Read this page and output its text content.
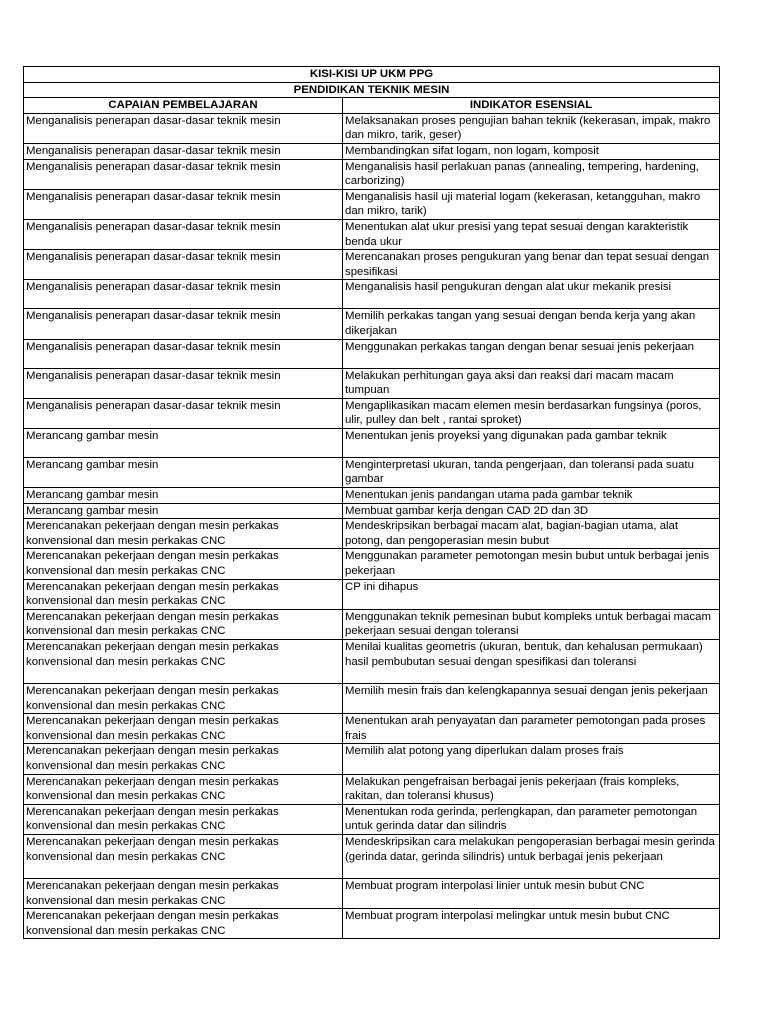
KISI-KISI UP UKM PPG	
PENDIDIKAN TEKNIK MESIN	
CAPAIAN PEMBELAJARAN	INDIKATOR ESENSIAL
Menganalisis penerapan dasar-dasar teknik mesin	Melaksanakan proses pengujian bahan teknik (kekerasan, impak, makro dan mikro, tarik, geser)
Menganalisis penerapan dasar-dasar teknik mesin	Membandingkan sifat logam, non logam, komposit
Menganalisis penerapan dasar-dasar teknik mesin	Menganalisis hasil perlakuan panas (annealing, tempering, hardening, carborizing)
Menganalisis penerapan dasar-dasar teknik mesin	Menganalisis hasil uji material logam (kekerasan, ketangguhan, makro dan mikro, tarik)
Menganalisis penerapan dasar-dasar teknik mesin	Menentukan alat ukur presisi yang tepat sesuai dengan karakteristik benda ukur
Menganalisis penerapan dasar-dasar teknik mesin	Merencanakan proses pengukuran yang benar dan tepat sesuai dengan spesifikasi
Menganalisis penerapan dasar-dasar teknik mesin	Menganalisis hasil pengukuran dengan alat ukur mekanik presisi
Menganalisis penerapan dasar-dasar teknik mesin	Memilih perkakas tangan yang sesuai dengan benda kerja yang akan dikerjakan
Menganalisis penerapan dasar-dasar teknik mesin	Menggunakan perkakas tangan dengan benar sesuai jenis pekerjaan
Menganalisis penerapan dasar-dasar teknik mesin	Melakukan perhitungan gaya aksi dan reaksi dari macam macam tumpuan
Menganalisis penerapan dasar-dasar teknik mesin	Mengaplikasikan macam elemen mesin berdasarkan fungsinya (poros, ulir, pulley dan belt , rantai sproket)
Merancang gambar mesin	Menentukan jenis proyeksi yang digunakan pada gambar teknik
Merancang gambar mesin	Menginterpretasi ukuran, tanda pengerjaan, dan toleransi pada suatu gambar
Merancang gambar mesin	Menentukan jenis pandangan utama pada gambar teknik
Merancang gambar mesin	Membuat gambar kerja dengan CAD 2D dan 3D
Merencanakan pekerjaan dengan mesin perkakas konvensional dan mesin perkakas CNC	Mendeskripsikan berbagai macam alat, bagian-bagian utama, alat potong, dan pengoperasian mesin bubut
Merencanakan pekerjaan dengan mesin perkakas konvensional dan mesin perkakas CNC	Menggunakan parameter pemotongan mesin bubut untuk berbagai jenis pekerjaan
Merencanakan pekerjaan dengan mesin perkakas konvensional dan mesin perkakas CNC	CP ini dihapus
Merencanakan pekerjaan dengan mesin perkakas konvensional dan mesin perkakas CNC	Menggunakan teknik pemesinan bubut kompleks untuk berbagai macam pekerjaan sesuai dengan toleransi
Merencanakan pekerjaan dengan mesin perkakas konvensional dan mesin perkakas CNC	Menilai kualitas geometris (ukuran, bentuk, dan kehalusan permukaan) hasil pembubutan sesuai dengan spesifikasi dan toleransi
Merencanakan pekerjaan dengan mesin perkakas konvensional dan mesin perkakas CNC	Memilih mesin frais dan kelengkapannya sesuai dengan jenis pekerjaan
Merencanakan pekerjaan dengan mesin perkakas konvensional dan mesin perkakas CNC	Menentukan arah penyayatan dan parameter pemotongan pada proses frais
Merencanakan pekerjaan dengan mesin perkakas konvensional dan mesin perkakas CNC	Memilih alat potong yang diperlukan dalam proses frais
Merencanakan pekerjaan dengan mesin perkakas konvensional dan mesin perkakas CNC	Melakukan pengefraisan berbagai jenis pekerjaan (frais kompleks, rakitan, dan toleransi khusus)
Merencanakan pekerjaan dengan mesin perkakas konvensional dan mesin perkakas CNC	Menentukan roda gerinda, perlengkapan, dan parameter pemotongan untuk gerinda datar dan silindris
Merencanakan pekerjaan dengan mesin perkakas konvensional dan mesin perkakas CNC	Mendeskripsikan cara melakukan pengoperasian berbagai mesin gerinda (gerinda datar, gerinda silindris) untuk berbagai jenis pekerjaan
Merencanakan pekerjaan dengan mesin perkakas konvensional dan mesin perkakas CNC	Membuat program interpolasi linier untuk mesin bubut CNC
Merencanakan pekerjaan dengan mesin perkakas konvensional dan mesin perkakas CNC	Membuat program interpolasi melingkar untuk mesin bubut CNC
